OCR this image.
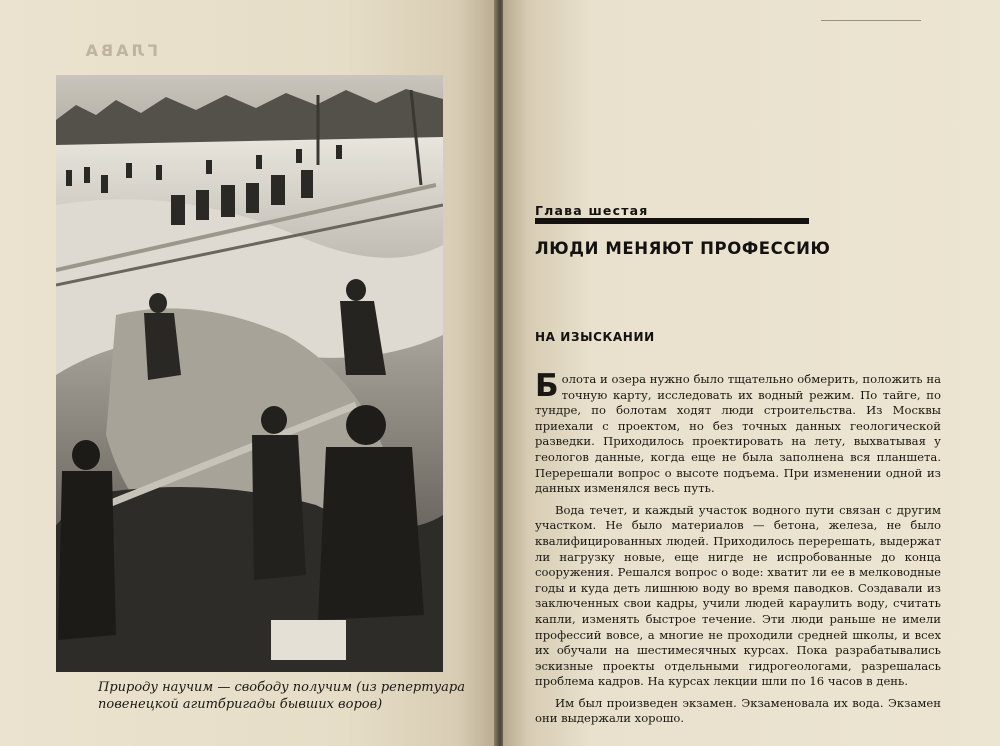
ГЛАВА
Природу научим — свободу получим (из репертуара повенецкой агитбригады бывших воров)

Глава шестая

ЛЮДИ МЕНЯЮТ ПРОФЕССИЮ
НА ИЗЫСКАНИИ

Болота и озера нужно было тщательно обмерить, положить на точную карту, исследовать их водный режим. По тайге, по тундре, по болотам ходят люди строительства. Из Москвы приехали с проектом, но без точных данных геологической разведки. Приходилось проектировать на лету, выхватывая у геологов данные, когда еще не была заполнена вся планшета. Перерешали вопрос о высоте подъема. При изменении одной из данных изменялся весь путь.

Вода течет, и каждый участок водного пути связан с другим участком. Не было материалов — бетона, железа, не было квалифицированных людей. Приходилось перерешать, выдержат ли нагрузку новые, еще нигде не испробованные до конца сооружения. Решался вопрос о воде: хватит ли ее в мелководные годы и куда деть лишнюю воду во время паводков. Создавали из заключенных свои кадры, учили людей караулить воду, считать капли, изменять быстрое течение. Эти люди раньше не имели профессий вовсе, а многие не проходили средней школы, и всех их обучали на шестимесячных курсах. Пока разрабатывались эскизные проекты отдельными гидрогеологами, разрешалась проблема кадров. На курсах лекции шли по 16 часов в день.

Им был произведен экзамен. Экзаменовала их вода. Экзамен они выдержали хорошо.
